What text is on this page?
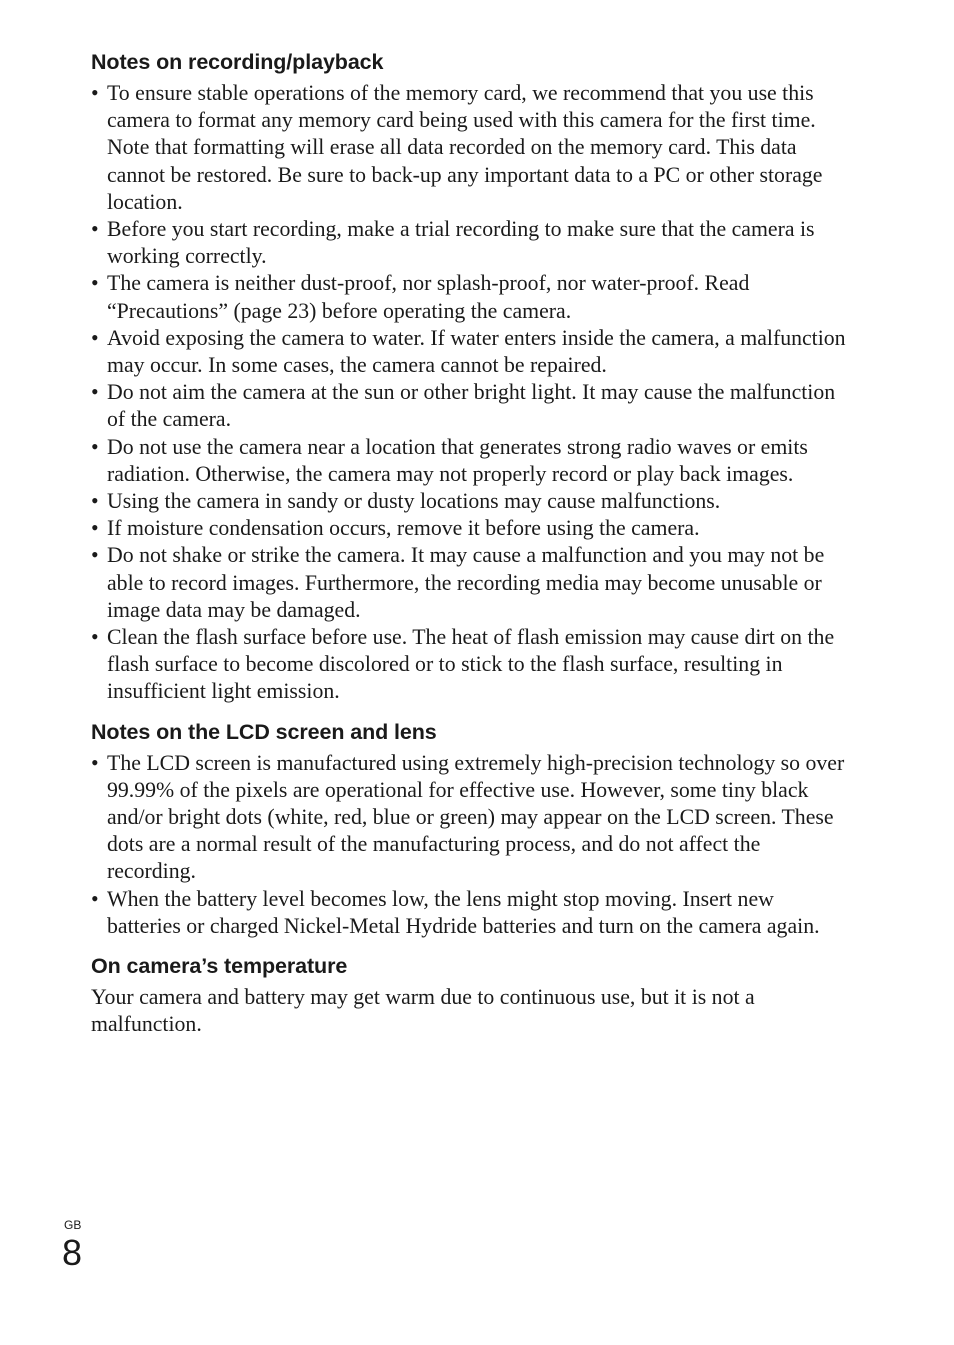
Notes on recording/playback
• To ensure stable operations of the memory card, we recommend that you use this camera to format any memory card being used with this camera for the first time. Note that formatting will erase all data recorded on the memory card. This data cannot be restored. Be sure to back-up any important data to a PC or other storage location.
• Before you start recording, make a trial recording to make sure that the camera is working correctly.
• The camera is neither dust-proof, nor splash-proof, nor water-proof. Read “Precautions” (page 23) before operating the camera.
• Avoid exposing the camera to water. If water enters inside the camera, a malfunction may occur. In some cases, the camera cannot be repaired.
• Do not aim the camera at the sun or other bright light. It may cause the malfunction of the camera.
• Do not use the camera near a location that generates strong radio waves or emits radiation. Otherwise, the camera may not properly record or play back images.
• Using the camera in sandy or dusty locations may cause malfunctions.
• If moisture condensation occurs, remove it before using the camera.
• Do not shake or strike the camera. It may cause a malfunction and you may not be able to record images. Furthermore, the recording media may become unusable or image data may be damaged.
• Clean the flash surface before use. The heat of flash emission may cause dirt on the flash surface to become discolored or to stick to the flash surface, resulting in insufficient light emission.
Notes on the LCD screen and lens
• The LCD screen is manufactured using extremely high-precision technology so over 99.99% of the pixels are operational for effective use. However, some tiny black and/or bright dots (white, red, blue or green) may appear on the LCD screen. These dots are a normal result of the manufacturing process, and do not affect the recording.
• When the battery level becomes low, the lens might stop moving. Insert new batteries or charged Nickel-Metal Hydride batteries and turn on the camera again.
On camera’s temperature

Your camera and battery may get warm due to continuous use, but it is not a malfunction.

GB
8
